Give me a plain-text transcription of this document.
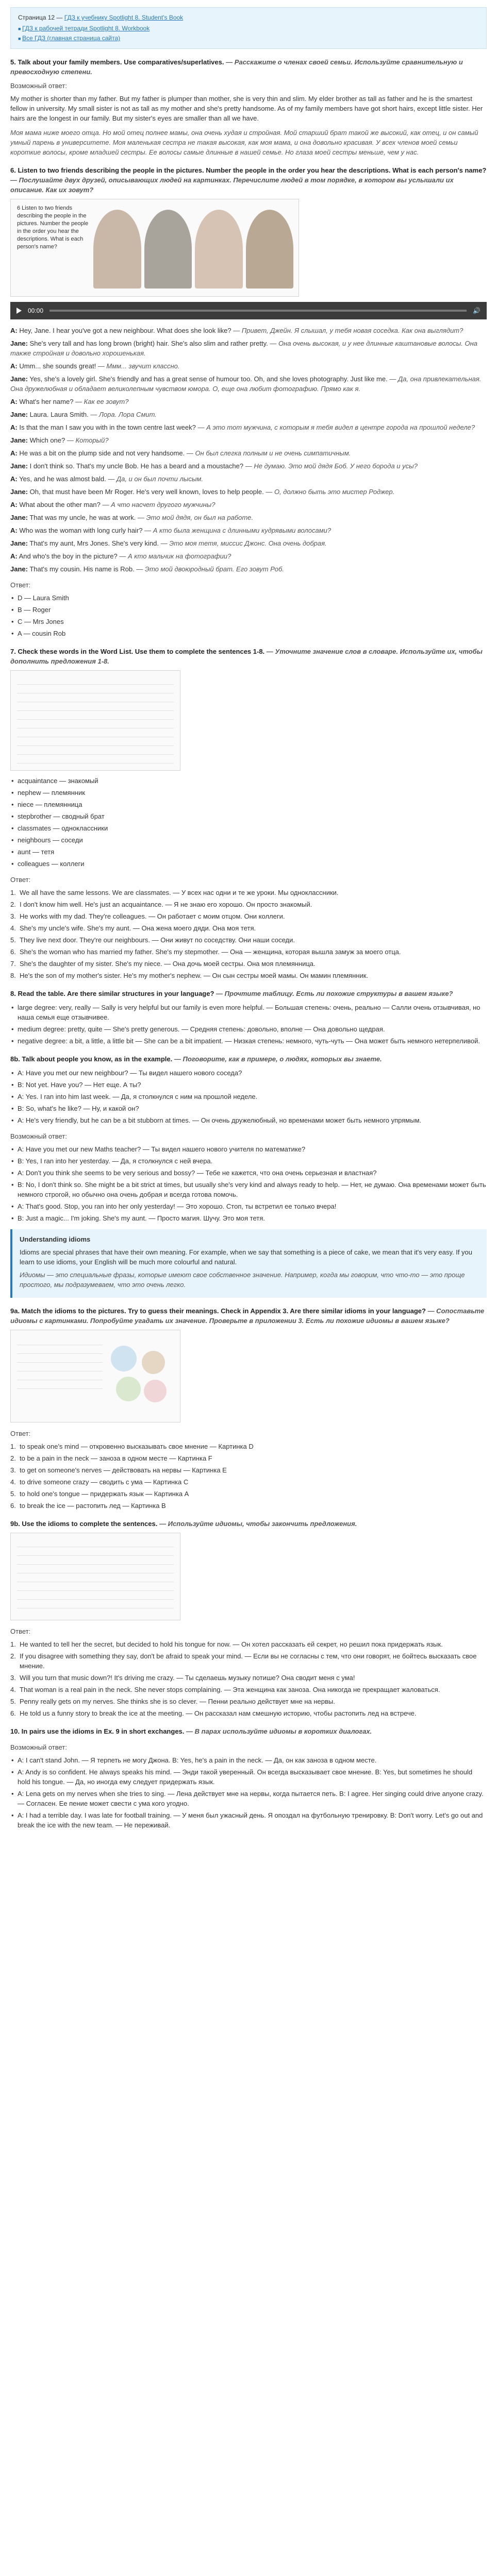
Страница 12 — ГДЗ к учебнику Spotlight 8. Student's Book
■ ГДЗ к рабочей тетради Spotlight 8. Workbook
■ Все ГДЗ (главная страница сайта)
5. Talk about your family members. Use comparatives/superlatives. — Расскажите о членах своей семьи. Используйте сравнительную и превосходную степени.

Возможный ответ:

My mother is shorter than my father. But my father is plumper than mother, she is very thin and slim. My elder brother as tall as father and he is the smartest fellow in university. My small sister is not as tall as my mother and she's pretty handsome. As of my family members have got short hairs, except little sister. Her hairs are the longest in our family. But my sister's eyes are smaller than all we have.

Моя мама ниже моего отца. Но мой отец полнее мамы, она очень худая и стройная. Мой старший брат такой же высокий, как отец, и он самый умный парень в университете. Моя маленькая сестра не такая высокая, как моя мама, и она довольно красивая. У всех членов моей семьи короткие волосы, кроме младшей сестры. Ее волосы самые длинные в нашей семье. Но глаза моей сестры меньше, чем у нас.

6. Listen to two friends describing the people in the pictures. Number the people in the order you hear the descriptions. What is each person's name? — Послушайте двух друзей, описывающих людей на картинках. Перечислите людей в том порядке, в котором вы услышали их описание. Как их зовут?
6 Listen to two friends describing the people in the pictures. Number the people in the order you hear the descriptions. What is each person's name?
00:00	🔊

A: Hey, Jane. I hear you've got a new neighbour. What does she look like? — Привет, Джейн. Я слышал, у тебя новая соседка. Как она выглядит?

Jane: She's very tall and has long brown (bright) hair. She's also slim and rather pretty. — Она очень высокая, и у нее длинные каштановые волосы. Она также стройная и довольно хорошенькая.

A: Umm... she sounds great! — Ммм... звучит классно.

Jane: Yes, she's a lovely girl. She's friendly and has a great sense of humour too. Oh, and she loves photography. Just like me. — Да, она привлекательная. Она дружелюбная и обладает великолепным чувством юмора. О, еще она любит фотографию. Прямо как я.

A: What's her name? — Как ее зовут?

Jane: Laura. Laura Smith. — Лора. Лора Смит.

A: Is that the man I saw you with in the town centre last week? — А это тот мужчина, с которым я тебя видел в центре города на прошлой неделе?

Jane: Which one? — Который?

A: He was a bit on the plump side and not very handsome. — Он был слегка полным и не очень симпатичным.

Jane: I don't think so. That's my uncle Bob. He has a beard and a moustache? — Не думаю. Это мой дядя Боб. У него борода и усы?

A: Yes, and he was almost bald. — Да, и он был почти лысым.

Jane: Oh, that must have been Mr Roger. He's very well known, loves to help people. — О, должно быть это мистер Роджер.

A: What about the other man? — А что насчет другого мужчины?

Jane: That was my uncle, he was at work. — Это мой дядя, он был на работе.

A: Who was the woman with long curly hair? — А кто была женщина с длинными кудрявыми волосами?

Jane: That's my aunt, Mrs Jones. She's very kind. — Это моя тетя, миссис Джонс. Она очень добрая.

A: And who's the boy in the picture? — А кто мальчик на фотографии?

Jane: That's my cousin. His name is Rob. — Это мой двоюродный брат. Его зовут Роб.

Ответ:

• D — Laura Smith
• B — Roger
• C — Mrs Jones
• A — cousin Rob
7. Check these words in the Word List. Use them to complete the sentences 1-8. — Уточните значение слов в словаре. Используйте их, чтобы дополнить предложения 1-8.
• acquaintance — знакомый
• nephew — племянник
• niece — племянница
• stepbrother — сводный брат
• classmates — одноклассники
• neighbours — соседи
• aunt — тетя
• colleagues — коллеги

Ответ:

We all have the same lessons. We are classmates. — У всех нас одни и те же уроки. Мы одноклассники.
I don't know him well. He's just an acquaintance. — Я не знаю его хорошо. Он просто знакомый.
He works with my dad. They're colleagues. — Он работает с моим отцом. Они коллеги.
She's my uncle's wife. She's my aunt. — Она жена моего дяди. Она моя тетя.
They live next door. They're our neighbours. — Они живут по соседству. Они наши соседи.
She's the woman who has married my father. She's my stepmother. — Она — женщина, которая вышла замуж за моего отца.
She's the daughter of my sister. She's my niece. — Она дочь моей сестры. Она моя племянница.
He's the son of my mother's sister. He's my mother's nephew. — Он сын сестры моей мамы. Он мамин племянник.
8. Read the table. Are there similar structures in your language? — Прочтите таблицу. Есть ли похожие структуры в вашем языке?
• large degree: very, really — Sally is very helpful but our family is even more helpful. — Большая степень: очень, реально — Салли очень отзывчивая, но наша семья еще отзывчивее.
• medium degree: pretty, quite — She's pretty generous. — Средняя степень: довольно, вполне — Она довольно щедрая.
• negative degree: a bit, a little, a little bit — She can be a bit impatient. — Низкая степень: немного, чуть-чуть — Она может быть немного нетерпеливой.
8b. Talk about people you know, as in the example. — Поговорите, как в примере, о людях, которых вы знаете.
• A: Have you met our new neighbour? — Ты видел нашего нового соседа?
• B: Not yet. Have you? — Нет еще. А ты?
• A: Yes. I ran into him last week. — Да, я столкнулся с ним на прошлой неделе.
• B: So, what's he like? — Ну, и какой он?
• A: He's very friendly, but he can be a bit stubborn at times. — Он очень дружелюбный, но временами может быть немного упрямым.

Возможный ответ:

• A: Have you met our new Maths teacher? — Ты видел нашего нового учителя по математике?
• B: Yes, I ran into her yesterday. — Да, я столкнулся с ней вчера.
• A: Don't you think she seems to be very serious and bossy? — Тебе не кажется, что она очень серьезная и властная?
• B: No, I don't think so. She might be a bit strict at times, but usually she's very kind and always ready to help. — Нет, не думаю. Она временами может быть немного строгой, но обычно она очень добрая и всегда готова помочь.
• A: That's good. Stop, you ran into her only yesterday! — Это хорошо. Стоп, ты встретил ее только вчера!
• B: Just a magic... I'm joking. She's my aunt. — Просто магия. Шучу. Это моя тетя.
Understanding idioms

Idioms are special phrases that have their own meaning. For example, when we say that something is a piece of cake, we mean that it's very easy. If you learn to use idioms, your English will be much more colourful and natural.

Идиомы — это специальные фразы, которые имеют свое собственное значение. Например, когда мы говорим, что что-то — это проще простого, мы подразумеваем, что это очень легко.

9a. Match the idioms to the pictures. Try to guess their meanings. Check in Appendix 3. Are there similar idioms in your language? — Сопоставьте идиомы с картинками. Попробуйте угадать их значение. Проверьте в приложении 3. Есть ли похожие идиомы в вашем языке?

Ответ:

to speak one's mind — откровенно высказывать свое мнение — Картинка D
to be a pain in the neck — заноза в одном месте — Картинка F
to get on someone's nerves — действовать на нервы — Картинка E
to drive someone crazy — сводить с ума — Картинка C
to hold one's tongue — придержать язык — Картинка A
to break the ice — растопить лед — Картинка B
9b. Use the idioms to complete the sentences. — Используйте идиомы, чтобы закончить предложения.

Ответ:

He wanted to tell her the secret, but decided to hold his tongue for now. — Он хотел рассказать ей секрет, но решил пока придержать язык.
If you disagree with something they say, don't be afraid to speak your mind. — Если вы не согласны с тем, что они говорят, не бойтесь высказать свое мнение.
Will you turn that music down?! It's driving me crazy. — Ты сделаешь музыку потише? Она сводит меня с ума!
That woman is a real pain in the neck. She never stops complaining. — Эта женщина как заноза. Она никогда не прекращает жаловаться.
Penny really gets on my nerves. She thinks she is so clever. — Пенни реально действует мне на нервы.
He told us a funny story to break the ice at the meeting. — Он рассказал нам смешную историю, чтобы растопить лед на встрече.
10. In pairs use the idioms in Ex. 9 in short exchanges. — В парах используйте идиомы в коротких диалогах.

Возможный ответ:

• A: I can't stand John. — Я терпеть не могу Джона. B: Yes, he's a pain in the neck. — Да, он как заноза в одном месте.
• A: Andy is so confident. He always speaks his mind. — Энди такой уверенный. Он всегда высказывает свое мнение. B: Yes, but sometimes he should hold his tongue. — Да, но иногда ему следует придержать язык.
• A: Lena gets on my nerves when she tries to sing. — Лена действует мне на нервы, когда пытается петь. B: I agree. Her singing could drive anyone crazy. — Согласен. Ее пение может свести с ума кого угодно.
• A: I had a terrible day. I was late for football training. — У меня был ужасный день. Я опоздал на футбольную тренировку. B: Don't worry. Let's go out and break the ice with the new team. — Не переживай.
